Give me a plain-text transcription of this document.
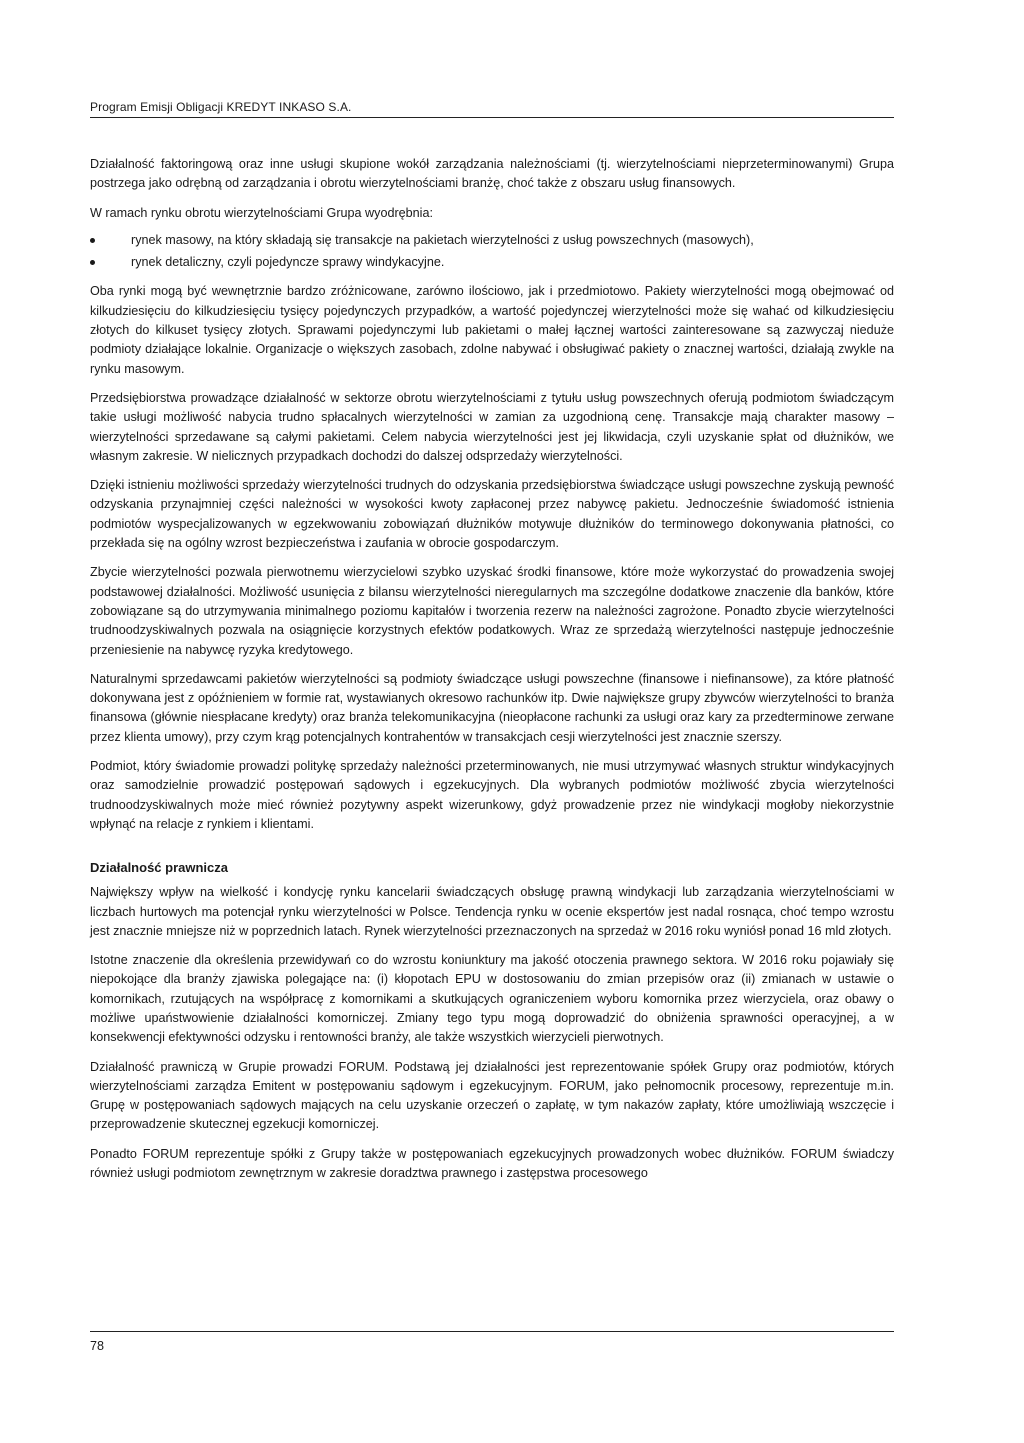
Program Emisji Obligacji KREDYT INKASO S.A.

Działalność faktoringową oraz inne usługi skupione wokół zarządzania należnościami (tj. wierzytelnościami nieprzeterminowanymi) Grupa postrzega jako odrębną od zarządzania i obrotu wierzytelnościami branżę, choć także z obszaru usług finansowych.

W ramach rynku obrotu wierzytelnościami Grupa wyodrębnia:

rynek masowy, na który składają się transakcje na pakietach wierzytelności z usług powszechnych (masowych),
rynek detaliczny, czyli pojedyncze sprawy windykacyjne.

Oba rynki mogą być wewnętrznie bardzo zróżnicowane, zarówno ilościowo, jak i przedmiotowo. Pakiety wierzytelności mogą obejmować od kilkudziesięciu do kilkudziesięciu tysięcy pojedynczych przypadków, a wartość pojedynczej wierzytelności może się wahać od kilkudziesięciu złotych do kilkuset tysięcy złotych. Sprawami pojedynczymi lub pakietami o małej łącznej wartości zainteresowane są zazwyczaj nieduże podmioty działające lokalnie. Organizacje o większych zasobach, zdolne nabywać i obsługiwać pakiety o znacznej wartości, działają zwykle na rynku masowym.

Przedsiębiorstwa prowadzące działalność w sektorze obrotu wierzytelnościami z tytułu usług powszechnych oferują podmiotom świadczącym takie usługi możliwość nabycia trudno spłacalnych wierzytelności w zamian za uzgodnioną cenę. Transakcje mają charakter masowy – wierzytelności sprzedawane są całymi pakietami. Celem nabycia wierzytelności jest jej likwidacja, czyli uzyskanie spłat od dłużników, we własnym zakresie. W nielicznych przypadkach dochodzi do dalszej odsprzedaży wierzytelności.

Dzięki istnieniu możliwości sprzedaży wierzytelności trudnych do odzyskania przedsiębiorstwa świadczące usługi powszechne zyskują pewność odzyskania przynajmniej części należności w wysokości kwoty zapłaconej przez nabywcę pakietu. Jednocześnie świadomość istnienia podmiotów wyspecjalizowanych w egzekwowaniu zobowiązań dłużników motywuje dłużników do terminowego dokonywania płatności, co przekłada się na ogólny wzrost bezpieczeństwa i zaufania w obrocie gospodarczym.

Zbycie wierzytelności pozwala pierwotnemu wierzycielowi szybko uzyskać środki finansowe, które może wykorzystać do prowadzenia swojej podstawowej działalności. Możliwość usunięcia z bilansu wierzytelności nieregularnych ma szczególne dodatkowe znaczenie dla banków, które zobowiązane są do utrzymywania minimalnego poziomu kapitałów i tworzenia rezerw na należności zagrożone. Ponadto zbycie wierzytelności trudnoodzyskiwalnych pozwala na osiągnięcie korzystnych efektów podatkowych. Wraz ze sprzedażą wierzytelności następuje jednocześnie przeniesienie na nabywcę ryzyka kredytowego.

Naturalnymi sprzedawcami pakietów wierzytelności są podmioty świadczące usługi powszechne (finansowe i niefinansowe), za które płatność dokonywana jest z opóźnieniem w formie rat, wystawianych okresowo rachunków itp. Dwie największe grupy zbywców wierzytelności to branża finansowa (głównie niespłacane kredyty) oraz branża telekomunikacyjna (nieopłacone rachunki za usługi oraz kary za przedterminowe zerwane przez klienta umowy), przy czym krąg potencjalnych kontrahentów w transakcjach cesji wierzytelności jest znacznie szerszy.

Podmiot, który świadomie prowadzi politykę sprzedaży należności przeterminowanych, nie musi utrzymywać własnych struktur windykacyjnych oraz samodzielnie prowadzić postępowań sądowych i egzekucyjnych. Dla wybranych podmiotów możliwość zbycia wierzytelności trudnoodzyskiwalnych może mieć również pozytywny aspekt wizerunkowy, gdyż prowadzenie przez nie windykacji mogłoby niekorzystnie wpłynąć na relacje z rynkiem i klientami.

Działalność prawnicza

Największy wpływ na wielkość i kondycję rynku kancelarii świadczących obsługę prawną windykacji lub zarządzania wierzytelnościami w liczbach hurtowych ma potencjał rynku wierzytelności w Polsce. Tendencja rynku w ocenie ekspertów jest nadal rosnąca, choć tempo wzrostu jest znacznie mniejsze niż w poprzednich latach. Rynek wierzytelności przeznaczonych na sprzedaż w 2016 roku wyniósł ponad 16 mld złotych.

Istotne znaczenie dla określenia przewidywań co do wzrostu koniunktury ma jakość otoczenia prawnego sektora. W 2016 roku pojawiały się niepokojące dla branży zjawiska polegające na: (i) kłopotach EPU w dostosowaniu do zmian przepisów oraz (ii) zmianach w ustawie o komornikach, rzutujących na współpracę z komornikami a skutkujących ograniczeniem wyboru komornika przez wierzyciela, oraz obawy o możliwe upaństwowienie działalności komorniczej. Zmiany tego typu mogą doprowadzić do obniżenia sprawności operacyjnej, a w konsekwencji efektywności odzysku i rentowności branży, ale także wszystkich wierzycieli pierwotnych.

Działalność prawniczą w Grupie prowadzi FORUM. Podstawą jej działalności jest reprezentowanie spółek Grupy oraz podmiotów, których wierzytelnościami zarządza Emitent w postępowaniu sądowym i egzekucyjnym. FORUM, jako pełnomocnik procesowy, reprezentuje m.in. Grupę w postępowaniach sądowych mających na celu uzyskanie orzeczeń o zapłatę, w tym nakazów zapłaty, które umożliwiają wszczęcie i przeprowadzenie skutecznej egzekucji komorniczej.

Ponadto FORUM reprezentuje spółki z Grupy także w postępowaniach egzekucyjnych prowadzonych wobec dłużników. FORUM świadczy również usługi podmiotom zewnętrznym w zakresie doradztwa prawnego i zastępstwa procesowego

78
